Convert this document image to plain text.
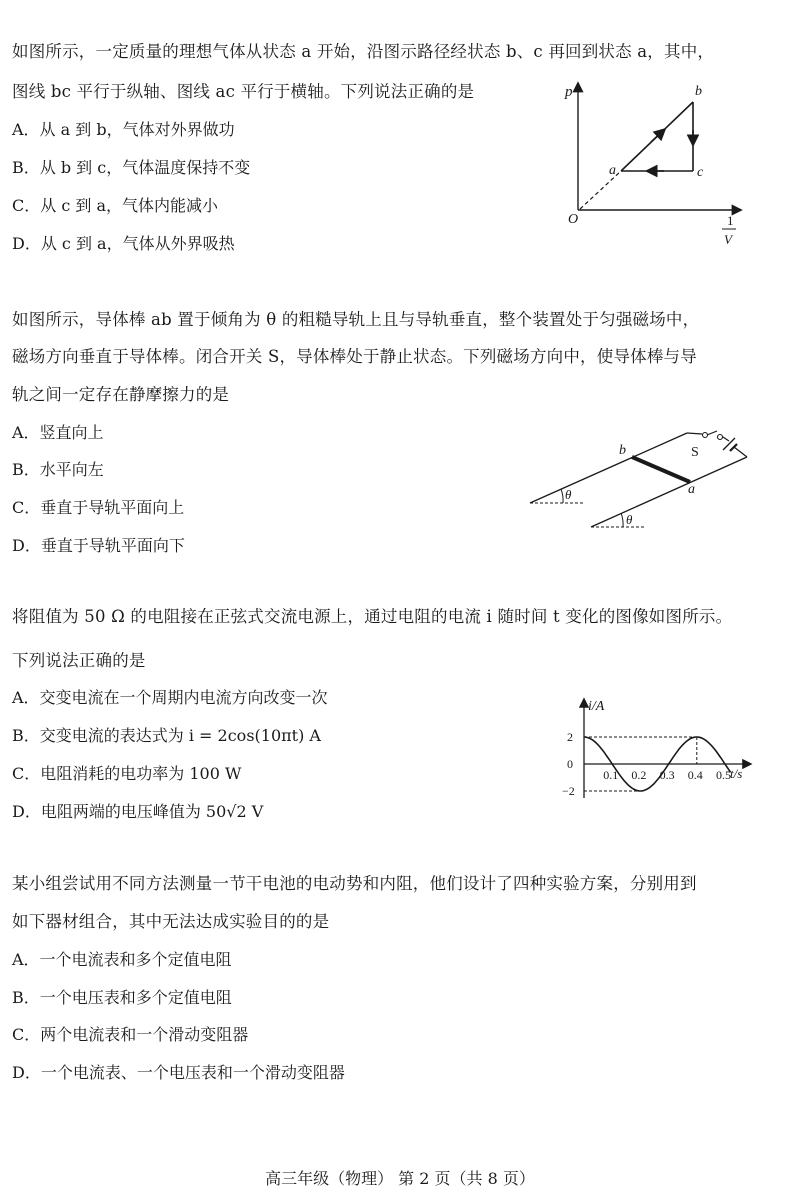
如图所示，一定质量的理想气体从状态 a 开始，沿图示路径经状态 b、c 再回到状态 a，其中，
图线 bc 平行于纵轴、图线 ac 平行于横轴。下列说法正确的是
A．从 a 到 b，气体对外界做功
B．从 b 到 c，气体温度保持不变
C．从 c 到 a，气体内能减小
D．从 c 到 a，气体从外界吸热
p	b
a	c
O	1
V
如图所示，导体棒 ab 置于倾角为 θ 的粗糙导轨上且与导轨垂直，整个装置处于匀强磁场中，
磁场方向垂直于导体棒。闭合开关 S，导体棒处于静止状态。下列磁场方向中，使导体棒与导
轨之间一定存在静摩擦力的是
A．竖直向上
B．水平向左
C．垂直于导轨平面向上
D．垂直于导轨平面向下
b
a
S
θ
θ
将阻值为 50 Ω 的电阻接在正弦式交流电源上，通过电阻的电流 i 随时间 t 变化的图像如图所示。
下列说法正确的是
A．交变电流在一个周期内电流方向改变一次
B．交变电流的表达式为 i = 2cos(10πt) A
C．电阻消耗的电功率为 100 W
D．电阻两端的电压峰值为 50√2 V
0.1 0.2 0.3 0.4 0.5
2
0
−2
i/A
t/s
某小组尝试用不同方法测量一节干电池的电动势和内阻，他们设计了四种实验方案，分别用到
如下器材组合，其中无法达成实验目的的是
A．一个电流表和多个定值电阻
B．一个电压表和多个定值电阻
C．两个电流表和一个滑动变阻器
D．一个电流表、一个电压表和一个滑动变阻器
高三年级（物理） 第 2 页（共 8 页）
